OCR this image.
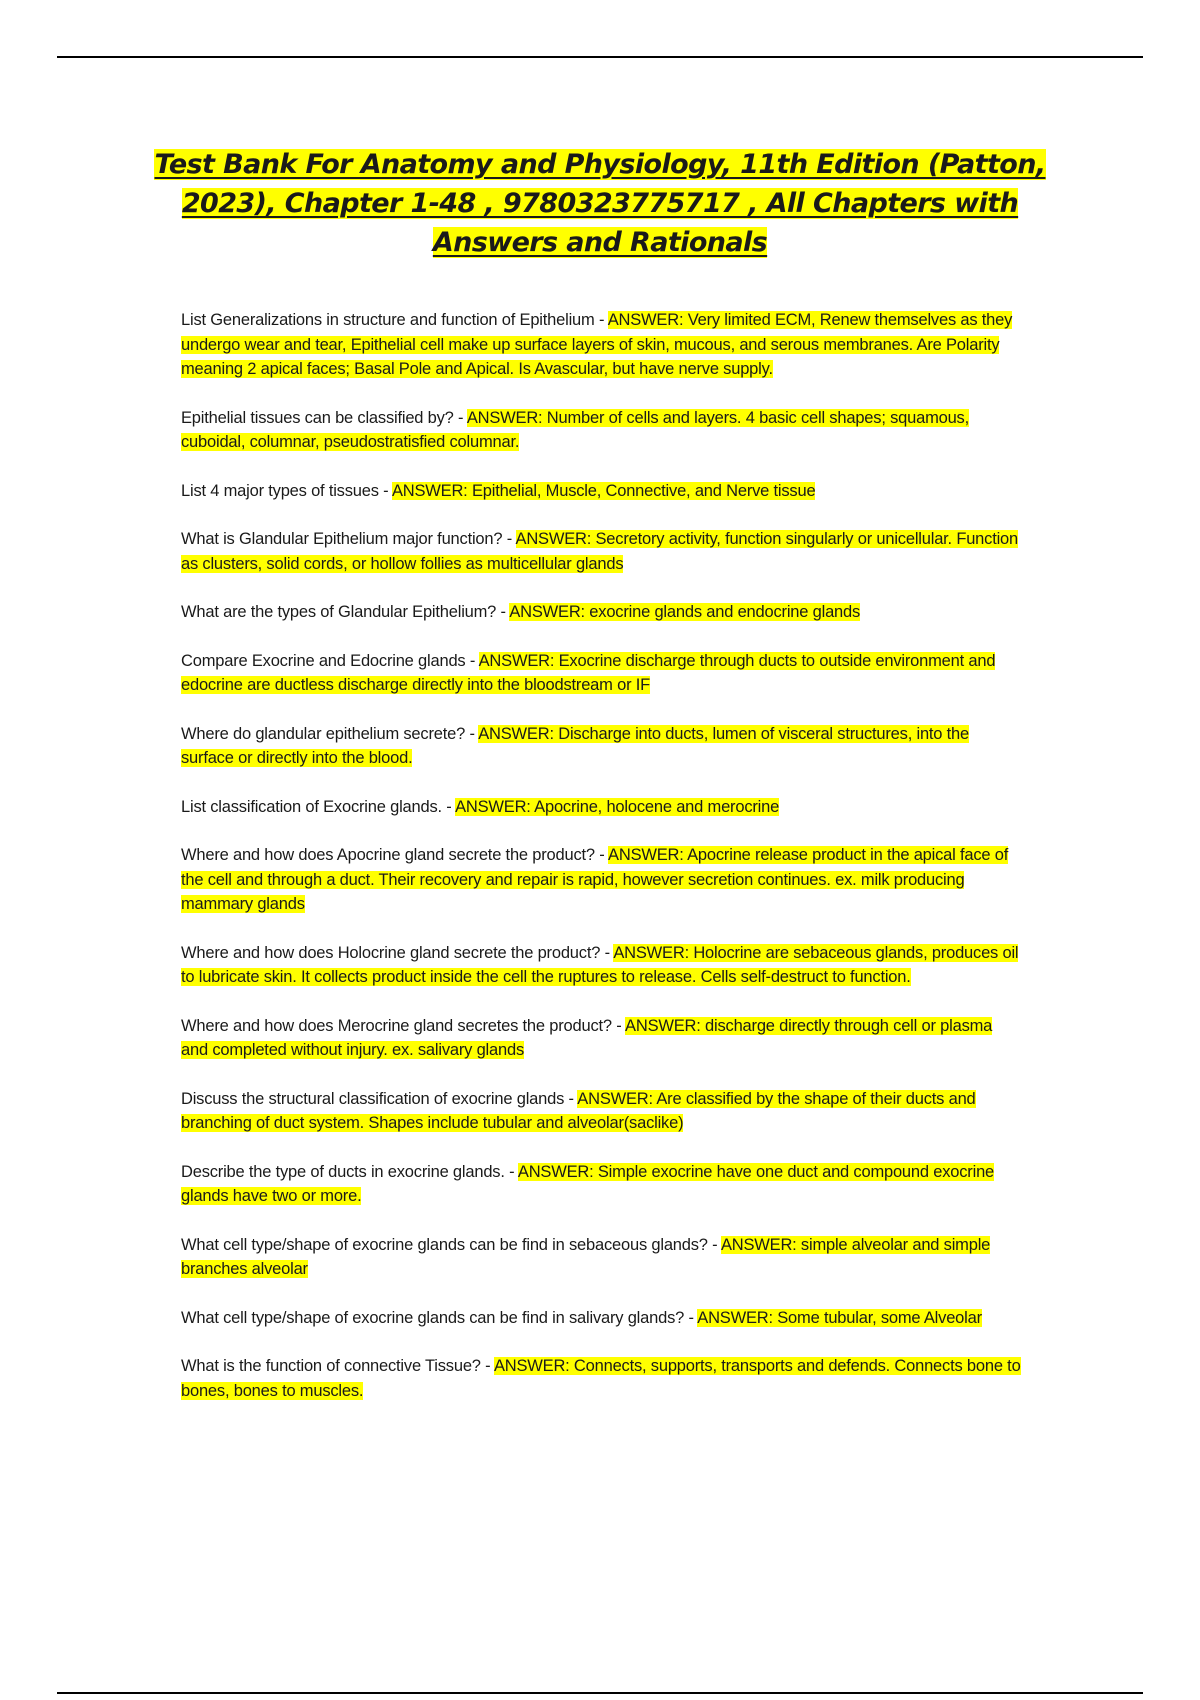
Test Bank For Anatomy and Physiology, 11th Edition (Patton, 2023), Chapter 1-48 , 9780323775717 , All Chapters with Answers and Rationals
List Generalizations in structure and function of Epithelium - ANSWER: Very limited ECM, Renew themselves as they undergo wear and tear, Epithelial cell make up surface layers of skin, mucous, and serous membranes. Are Polarity meaning 2 apical faces; Basal Pole and Apical. Is Avascular, but have nerve supply.
Epithelial tissues can be classified by? - ANSWER: Number of cells and layers. 4 basic cell shapes; squamous, cuboidal, columnar, pseudostratisfied columnar.
List 4 major types of tissues - ANSWER: Epithelial, Muscle, Connective, and Nerve tissue
What is Glandular Epithelium major function? - ANSWER: Secretory activity, function singularly or unicellular. Function as clusters, solid cords, or hollow follies as multicellular glands
What are the types of Glandular Epithelium? - ANSWER: exocrine glands and endocrine glands
Compare Exocrine and Edocrine glands - ANSWER: Exocrine discharge through ducts to outside environment and edocrine are ductless discharge directly into the bloodstream or IF
Where do glandular epithelium secrete? - ANSWER: Discharge into ducts, lumen of visceral structures, into the surface or directly into the blood.
List classification of Exocrine glands. - ANSWER: Apocrine, holocene and merocrine
Where and how does Apocrine gland secrete the product? - ANSWER: Apocrine release product in the apical face of the cell and through a duct. Their recovery and repair is rapid, however secretion continues. ex. milk producing mammary glands
Where and how does Holocrine gland secrete the product? - ANSWER: Holocrine are sebaceous glands, produces oil to lubricate skin. It collects product inside the cell the ruptures to release. Cells self-destruct to function.
Where and how does Merocrine gland secretes the product? - ANSWER: discharge directly through cell or plasma and completed without injury. ex. salivary glands
Discuss the structural classification of exocrine glands - ANSWER: Are classified by the shape of their ducts and branching of duct system. Shapes include tubular and alveolar(saclike)
Describe the type of ducts in exocrine glands. - ANSWER: Simple exocrine have one duct and compound exocrine glands have two or more.
What cell type/shape of exocrine glands can be find in sebaceous glands? - ANSWER: simple alveolar and simple branches alveolar
What cell type/shape of exocrine glands can be find in salivary glands? - ANSWER: Some tubular, some Alveolar
What is the function of connective Tissue? - ANSWER: Connects, supports, transports and defends. Connects bone to bones, bones to muscles.
